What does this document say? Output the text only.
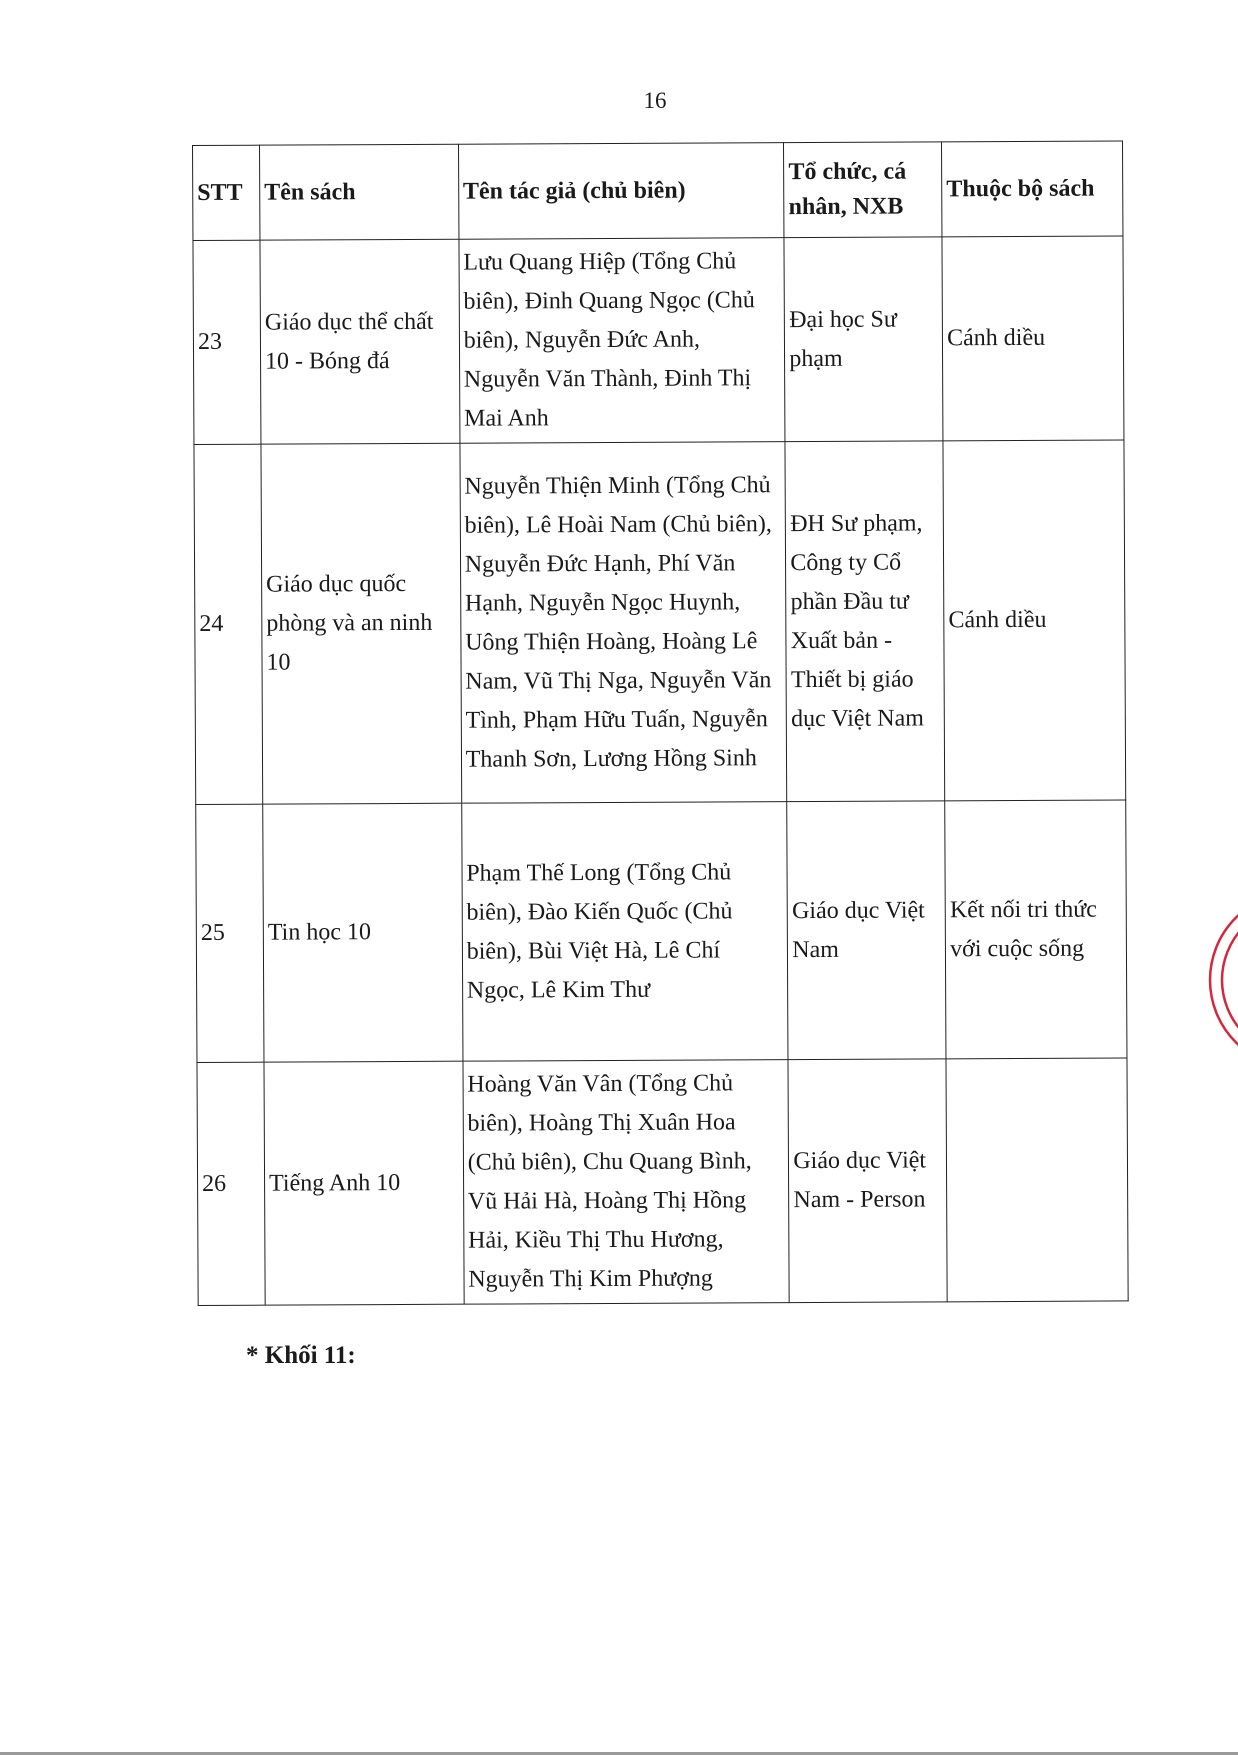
16
STT	Tên sách	Tên tác giả (chủ biên)	Tổ chức, cá nhân, NXB	Thuộc bộ sách
23	Giáo dục thể chất 10 - Bóng đá	Lưu Quang Hiệp (Tổng Chủ biên), Đinh Quang Ngọc (Chủ biên), Nguyễn Đức Anh, Nguyễn Văn Thành, Đinh Thị Mai Anh	Đại học Sư phạm	Cánh diều
24	Giáo dục quốc phòng và an ninh 10	Nguyễn Thiện Minh (Tổng Chủ biên), Lê Hoài Nam (Chủ biên), Nguyễn Đức Hạnh, Phí Văn Hạnh, Nguyễn Ngọc Huynh, Uông Thiện Hoàng, Hoàng Lê Nam, Vũ Thị Nga, Nguyễn Văn Tình, Phạm Hữu Tuấn, Nguyễn Thanh Sơn, Lương Hồng Sinh	ĐH Sư phạm, Công ty Cổ phần Đầu tư Xuất bản - Thiết bị giáo dục Việt Nam	Cánh diều
25	Tin học 10	Phạm Thế Long (Tổng Chủ biên), Đào Kiến Quốc (Chủ biên), Bùi Việt Hà, Lê Chí Ngọc, Lê Kim Thư	Giáo dục Việt Nam	Kết nối tri thức với cuộc sống
26	Tiếng Anh 10	Hoàng Văn Vân (Tổng Chủ biên), Hoàng Thị Xuân Hoa (Chủ biên), Chu Quang Bình, Vũ Hải Hà, Hoàng Thị Hồng Hải, Kiều Thị Thu Hương, Nguyễn Thị Kim Phượng	Giáo dục Việt Nam - Person	
* Khối 11:
